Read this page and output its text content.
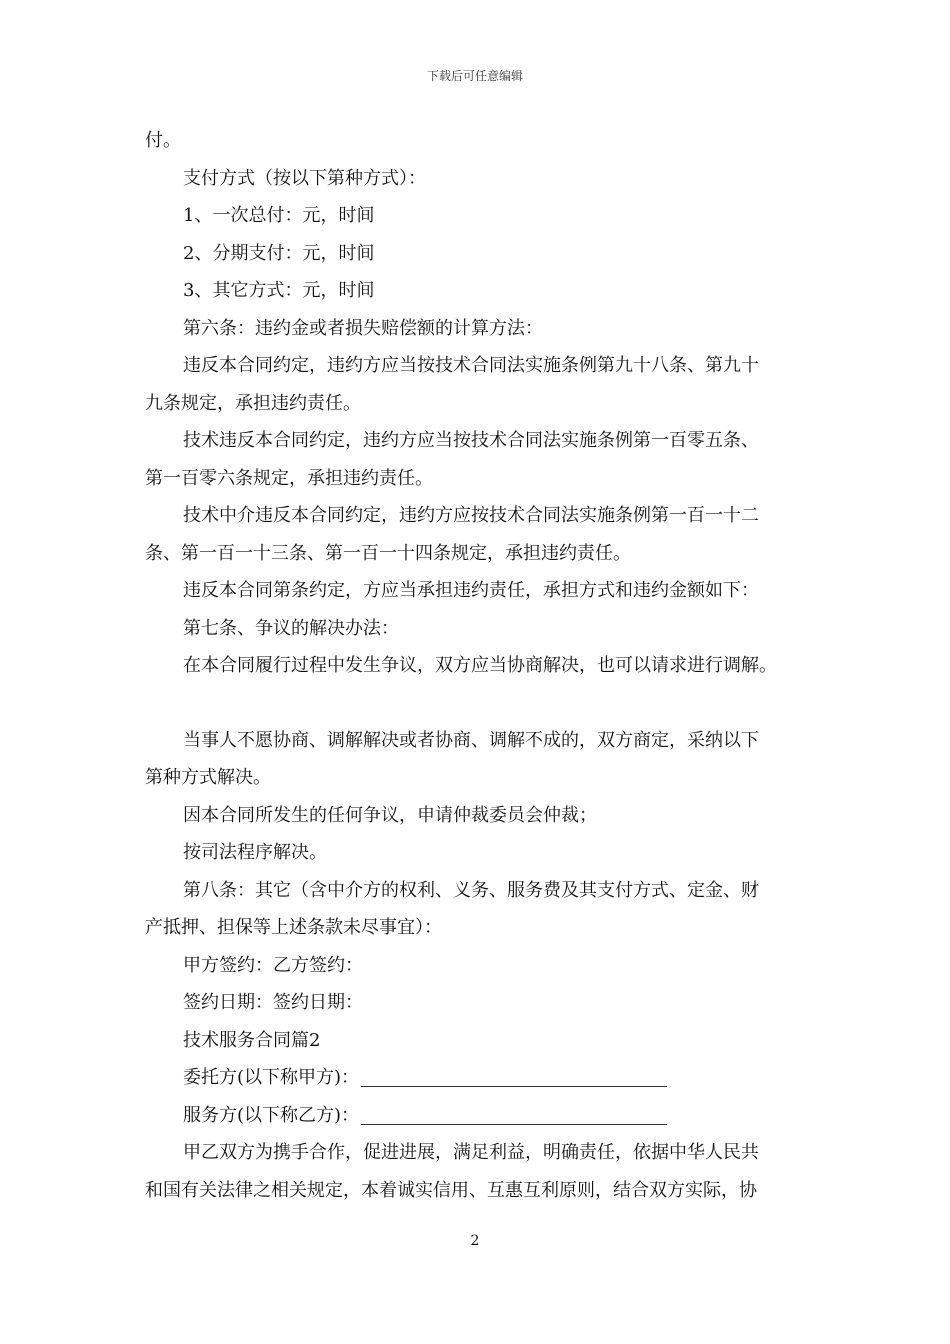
下载后可任意编辑

付。

支付方式（按以下第种方式）：

1、一次总付：元，时间

2、分期支付：元，时间

3、其它方式：元，时间

第六条：违约金或者损失赔偿额的计算方法：

违反本合同约定，违约方应当按技术合同法实施条例第九十八条、第九十

九条规定，承担违约责任。

技术违反本合同约定，违约方应当按技术合同法实施条例第一百零五条、

第一百零六条规定，承担违约责任。

技术中介违反本合同约定，违约方应按技术合同法实施条例第一百一十二

条、第一百一十三条、第一百一十四条规定，承担违约责任。

违反本合同第条约定，方应当承担违约责任，承担方式和违约金额如下：

第七条、争议的解决办法：

在本合同履行过程中发生争议，双方应当协商解决，也可以请求进行调解。

当事人不愿协商、调解解决或者协商、调解不成的，双方商定，采纳以下

第种方式解决。

因本合同所发生的任何争议，申请仲裁委员会仲裁；

按司法程序解决。

第八条：其它（含中介方的权利、义务、服务费及其支付方式、定金、财

产抵押、担保等上述条款未尽事宜）：

甲方签约：乙方签约：

签约日期：签约日期：

技术服务合同篇2

委托方(以下称甲方)：

服务方(以下称乙方)：

甲乙双方为携手合作，促进进展，满足利益，明确责任，依据中华人民共

和国有关法律之相关规定，本着诚实信用、互惠互利原则，结合双方实际，协

2
